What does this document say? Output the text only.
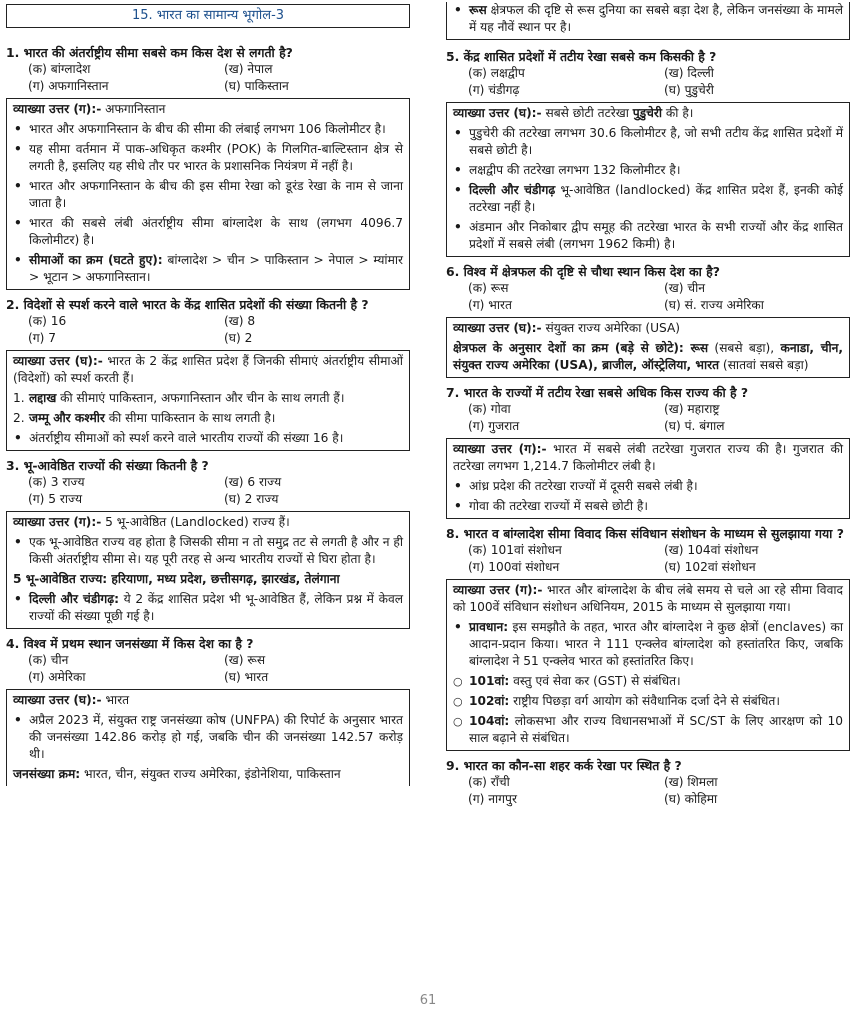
15. भारत का सामान्य भूगोल-3
1. भारत की अंतर्राष्ट्रीय सीमा सबसे कम किस देश से लगती है?
(क) बांग्लादेश	(ख) नेपाल
(ग) अफगानिस्तान	(घ) पाकिस्तान
व्याख्या उत्तर (ग):- अफगानिस्तान
• भारत और अफगानिस्तान के बीच की सीमा की लंबाई लगभग 106 किलोमीटर है।
• यह सीमा वर्तमान में पाक-अधिकृत कश्मीर (POK) के गिलगित-बाल्टिस्तान क्षेत्र से लगती है, इसलिए यह सीधे तौर पर भारत के प्रशासनिक नियंत्रण में नहीं है।
• भारत और अफगानिस्तान के बीच की इस सीमा रेखा को डूरंड रेखा के नाम से जाना जाता है।
• भारत की सबसे लंबी अंतर्राष्ट्रीय सीमा बांग्लादेश के साथ (लगभग 4096.7 किलोमीटर) है।
• सीमाओं का क्रम (घटते हुए): बांग्लादेश > चीन > पाकिस्तान > नेपाल > म्यांमार > भूटान > अफगानिस्तान।
2. विदेशों से स्पर्श करने वाले भारत के केंद्र शासित प्रदेशों की संख्या कितनी है ?
(क) 16	(ख) 8
(ग) 7	(घ) 2
व्याख्या उत्तर (घ):- भारत के 2 केंद्र शासित प्रदेश हैं जिनकी सीमाएं अंतर्राष्ट्रीय सीमाओं (विदेशों) को स्पर्श करती हैं।
1. लद्दाख की सीमाएं पाकिस्तान, अफगानिस्तान और चीन के साथ लगती हैं।
2. जम्मू और कश्मीर की सीमा पाकिस्तान के साथ लगती है।
• अंतर्राष्ट्रीय सीमाओं को स्पर्श करने वाले भारतीय राज्यों की संख्या 16 है।
3. भू-आवेष्ठित राज्यों की संख्या कितनी है ?
(क) 3 राज्य	(ख) 6 राज्य
(ग) 5 राज्य	(घ) 2 राज्य
व्याख्या उत्तर (ग):- 5 भू-आवेष्ठित (Landlocked) राज्य हैं।
• एक भू-आवेष्ठित राज्य वह होता है जिसकी सीमा न तो समुद्र तट से लगती है और न ही किसी अंतर्राष्ट्रीय सीमा से। यह पूरी तरह से अन्य भारतीय राज्यों से घिरा होता है।

5 भू-आवेष्ठित राज्य: हरियाणा, मध्य प्रदेश, छत्तीसगढ़, झारखंड, तेलंगाना

• दिल्ली और चंडीगढ़: ये 2 केंद्र शासित प्रदेश भी भू-आवेष्ठित हैं, लेकिन प्रश्न में केवल राज्यों की संख्या पूछी गई है।
4. विश्व में प्रथम स्थान जनसंख्या में किस देश का है ?
(क) चीन	(ख) रूस
(ग) अमेरिका	(घ) भारत
व्याख्या उत्तर (घ):- भारत
• अप्रैल 2023 में, संयुक्त राष्ट्र जनसंख्या कोष (UNFPA) की रिपोर्ट के अनुसार भारत की जनसंख्या 142.86 करोड़ हो गई, जबकि चीन की जनसंख्या 142.57 करोड़ थी।

जनसंख्या क्रम: भारत, चीन, संयुक्त राज्य अमेरिका, इंडोनेशिया, पाकिस्तान

• रूस क्षेत्रफल की दृष्टि से रूस दुनिया का सबसे बड़ा देश है, लेकिन जनसंख्या के मामले में यह नौवें स्थान पर है।
5. केंद्र शासित प्रदेशों में तटीय रेखा सबसे कम किसकी है ?
(क) लक्षद्वीप	(ख) दिल्ली
(ग) चंडीगढ़	(घ) पुडुचेरी
व्याख्या उत्तर (घ):- सबसे छोटी तटरेखा पुडुचेरी की है।
• पुडुचेरी की तटरेखा लगभग 30.6 किलोमीटर है, जो सभी तटीय केंद्र शासित प्रदेशों में सबसे छोटी है।
• लक्षद्वीप की तटरेखा लगभग 132 किलोमीटर है।
• दिल्ली और चंडीगढ़ भू-आवेष्ठित (landlocked) केंद्र शासित प्रदेश हैं, इनकी कोई तटरेखा नहीं है।
• अंडमान और निकोबार द्वीप समूह की तटरेखा भारत के सभी राज्यों और केंद्र शासित प्रदेशों में सबसे लंबी (लगभग 1962 किमी) है।
6. विश्व में क्षेत्रफल की दृष्टि से चौथा स्थान किस देश का है?
(क) रूस	(ख) चीन
(ग) भारत	(घ) सं. राज्य अमेरिका
व्याख्या उत्तर (घ):- संयुक्त राज्य अमेरिका (USA)

क्षेत्रफल के अनुसार देशों का क्रम (बड़े से छोटे): रूस (सबसे बड़ा), कनाडा, चीन, संयुक्त राज्य अमेरिका (USA), ब्राजील, ऑस्ट्रेलिया, भारत (सातवां सबसे बड़ा)

7. भारत के राज्यों में तटीय रेखा सबसे अधिक किस राज्य की है ?
(क) गोवा	(ख) महाराष्ट्र
(ग) गुजरात	(घ) पं. बंगाल
व्याख्या उत्तर (ग):- भारत में सबसे लंबी तटरेखा गुजरात राज्य की है। गुजरात की तटरेखा लगभग 1,214.7 किलोमीटर लंबी है।
• आंध्र प्रदेश की तटरेखा राज्यों में दूसरी सबसे लंबी है।
• गोवा की तटरेखा राज्यों में सबसे छोटी है।
8. भारत व बांग्लादेश सीमा विवाद किस संविधान संशोधन के माध्यम से सुलझाया गया ?
(क) 101वां संशोधन	(ख) 104वां संशोधन
(ग) 100वां संशोधन	(घ) 102वां संशोधन
व्याख्या उत्तर (ग):- भारत और बांग्लादेश के बीच लंबे समय से चले आ रहे सीमा विवाद को 100वें संविधान संशोधन अधिनियम, 2015 के माध्यम से सुलझाया गया।
• प्रावधान: इस समझौते के तहत, भारत और बांग्लादेश ने कुछ क्षेत्रों (enclaves) का आदान-प्रदान किया। भारत ने 111 एन्क्लेव बांग्लादेश को हस्तांतरित किए, जबकि बांग्लादेश ने 51 एन्क्लेव भारत को हस्तांतरित किए।
○ 101वां: वस्तु एवं सेवा कर (GST) से संबंधित।
○ 102वां: राष्ट्रीय पिछड़ा वर्ग आयोग को संवैधानिक दर्जा देने से संबंधित।
○ 104वां: लोकसभा और राज्य विधानसभाओं में SC/ST के लिए आरक्षण को 10 साल बढ़ाने से संबंधित।
9. भारत का कौन-सा शहर कर्क रेखा पर स्थित है ?
(क) राँची	(ख) शिमला
(ग) नागपुर	(घ) कोहिमा
61
